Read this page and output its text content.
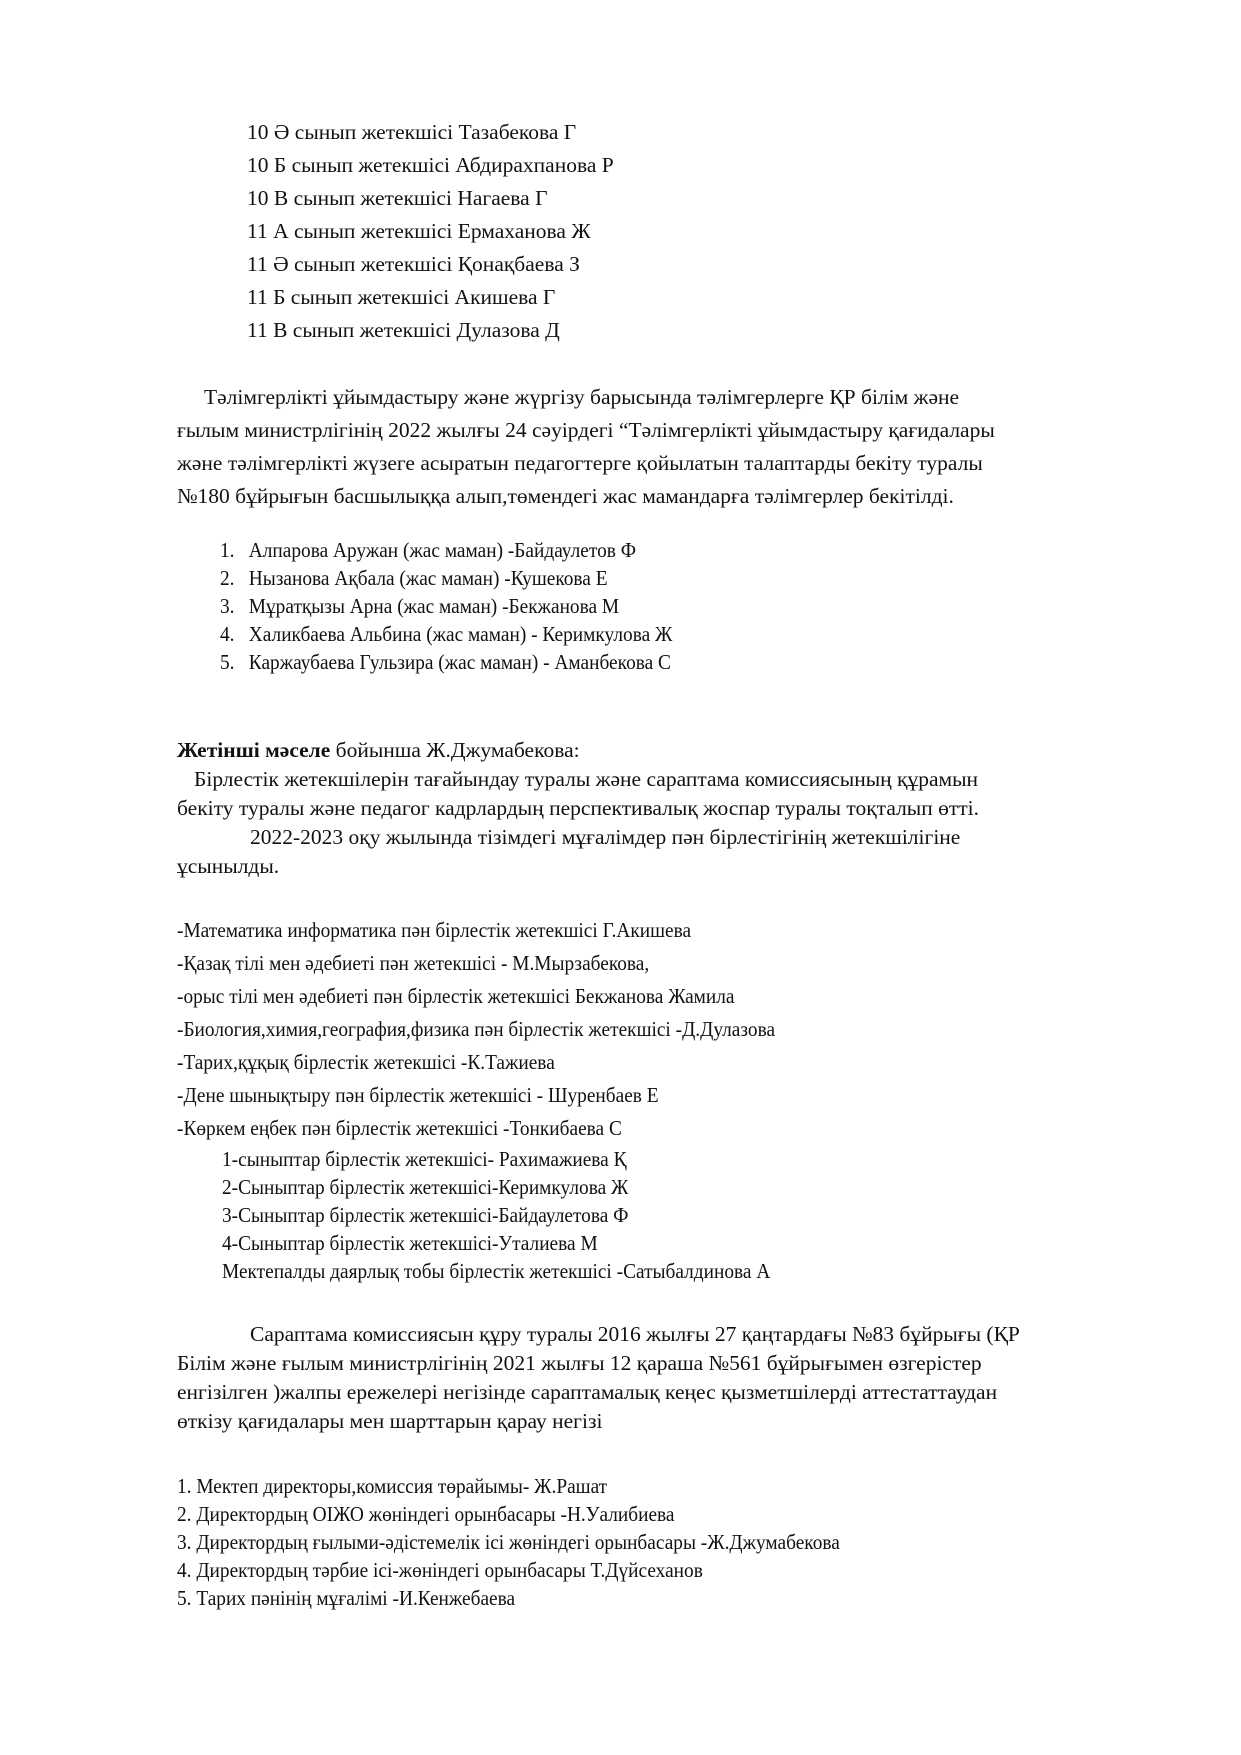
10 Ә сынып жетекшісі Тазабекова Г
10 Б сынып жетекшісі Абдирахпанова Р
10 В сынып жетекшісі Нагаева Г
11 А сынып жетекшісі Ермаханова Ж
11 Ә сынып жетекшісі Қонақбаева З
11 Б сынып жетекшісі Акишева Г
11 В сынып жетекшісі Дулазова Д
Тәлімгерлікті ұйымдастыру және жүргізу барысында тәлімгерлерге ҚР білім және
ғылым министрлігінің 2022 жылғы 24 сәуірдегі “Тәлімгерлікті ұйымдастыру қағидалары
және тәлімгерлікті жүзеге асыратын педагогтерге қойылатын талаптарды бекіту туралы
№180 бұйрығын басшылыққа алып,төмендегі жас мамандарға тәлімгерлер бекітілді.
1. Алпарова Аружан (жас маман) -Байдаулетов Ф
2. Нызанова Ақбала (жас маман) -Кушекова Е
3. Мұратқызы Арна (жас маман) -Бекжанова М
4. Халикбаева Альбина (жас маман) - Керимкулова Ж
5. Каржаубаева Гульзира (жас маман) - Аманбекова С
Жетінші мәселе бойынша Ж.Джумабекова:
Бірлестік жетекшілерін тағайындау туралы және сараптама комиссиясының құрамын
бекіту туралы және педагог кадрлардың перспективалық жоспар туралы тоқталып өтті.
2022-2023 оқу жылында тізімдегі мұғалімдер пән бірлестігінің жетекшілігіне
ұсынылды.
-Математика информатика пән бірлестік жетекшісі Г.Акишева
-Қазақ тілі мен әдебиеті пән жетекшісі - М.Мырзабекова,
-орыс тілі мен әдебиеті пән бірлестік жетекшісі Бекжанова Жамила
-Биология,химия,география,физика пән бірлестік жетекшісі -Д.Дулазова
-Тарих,құқық бірлестік жетекшісі -К.Тажиева
-Дене шынықтыру пән бірлестік жетекшісі - Шуренбаев Е
-Көркем еңбек пән бірлестік жетекшісі -Тонкибаева С
1-сыныптар бірлестік жетекшісі- Рахимажиева Қ
2-Сыныптар бірлестік жетекшісі-Керимкулова Ж
3-Сыныптар бірлестік жетекшісі-Байдаулетова Ф
4-Сыныптар бірлестік жетекшісі-Уталиева М
Мектепалды даярлық тобы бірлестік жетекшісі -Сатыбалдинова А
Сараптама комиссиясын құру туралы 2016 жылғы 27 қаңтардағы №83 бұйрығы (ҚР
Білім және ғылым министрлігінің 2021 жылғы 12 қараша №561 бұйрығымен өзгерістер
енгізілген )жалпы ережелері негізінде сараптамалық кеңес қызметшілерді аттестаттаудан
өткізу қағидалары мен шарттарын қарау негізі
1. Мектеп директоры,комиссия төрайымы- Ж.Рашат
2. Директордың ОІЖО жөніндегі орынбасары -Н.Уалибиева
3. Директордың ғылыми-әдістемелік ісі жөніндегі орынбасары -Ж.Джумабекова
4. Директордың тәрбие ісі-жөніндегі орынбасары Т.Дүйсеханов
5. Тарих пәнінің мұғалімі -И.Кенжебаева
